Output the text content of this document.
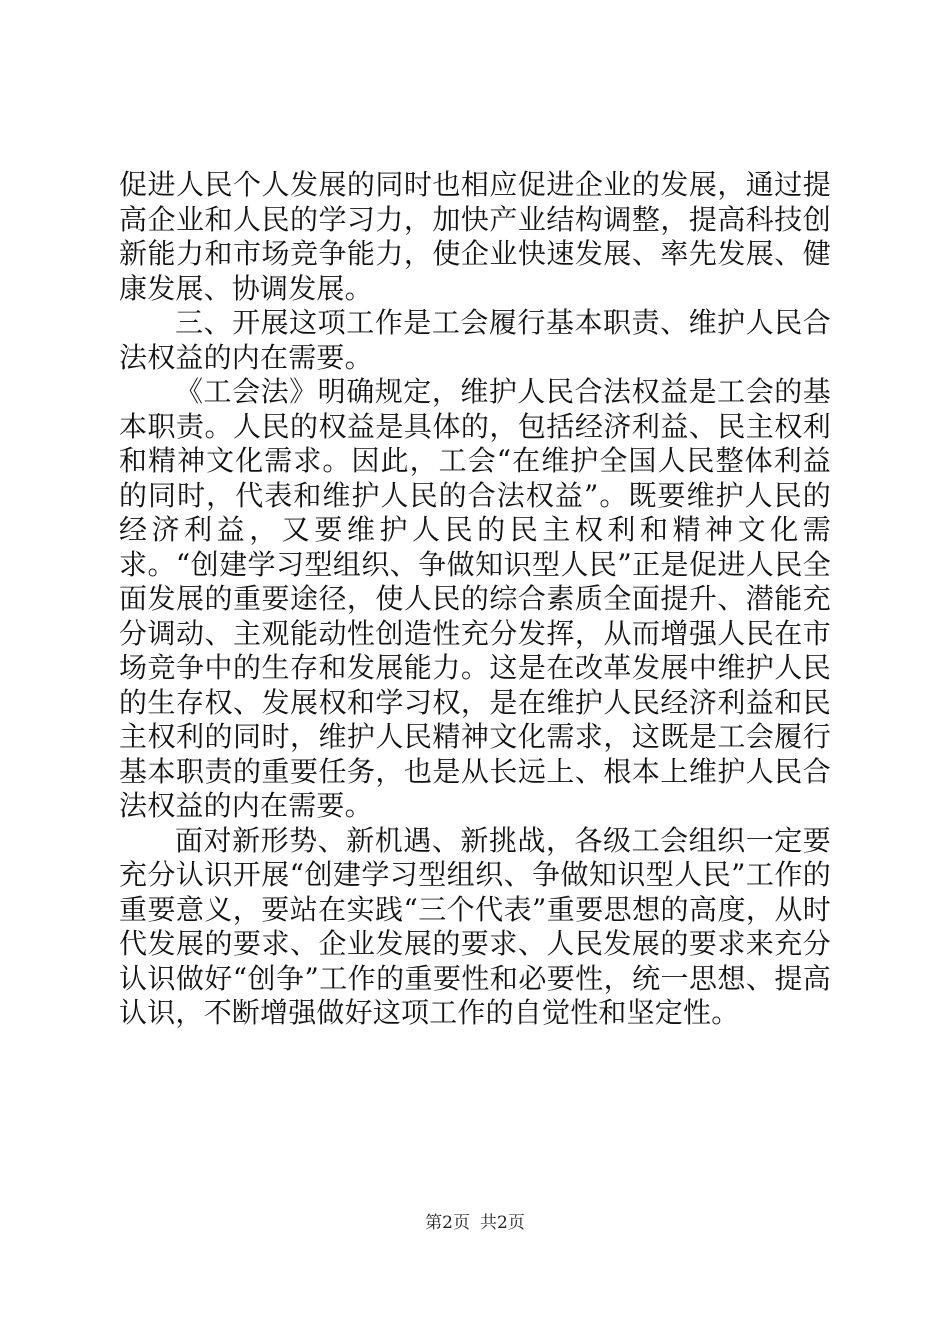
促进人民个人发展的同时也相应促进企业的发展，通过提高企业和人民的学习力，加快产业结构调整，提高科技创新能力和市场竞争能力，使企业快速发展、率先发展、健康发展、协调发展。

三、开展这项工作是工会履行基本职责、维护人民合法权益的内在需要。

《工会法》明确规定，维护人民合法权益是工会的基本职责。人民的权益是具体的，包括经济利益、民主权利和精神文化需求。因此，工会“在维护全国人民整体利益的同时，代表和维护人民的合法权益”。既要维护人民的经济利益，又要维护人民的民主权利和精神文化需求。“创建学习型组织、争做知识型人民”正是促进人民全面发展的重要途径，使人民的综合素质全面提升、潜能充分调动、主观能动性创造性充分发挥，从而增强人民在市场竞争中的生存和发展能力。这是在改革发展中维护人民的生存权、发展权和学习权，是在维护人民经济利益和民主权利的同时，维护人民精神文化需求，这既是工会履行基本职责的重要任务，也是从长远上、根本上维护人民合法权益的内在需要。

面对新形势、新机遇、新挑战，各级工会组织一定要充分认识开展“创建学习型组织、争做知识型人民”工作的重要意义，要站在实践“三个代表”重要思想的高度，从时代发展的要求、企业发展的要求、人民发展的要求来充分认识做好“创争”工作的重要性和必要性，统一思想、提高认识，不断增强做好这项工作的自觉性和坚定性。

第2页 共2页
